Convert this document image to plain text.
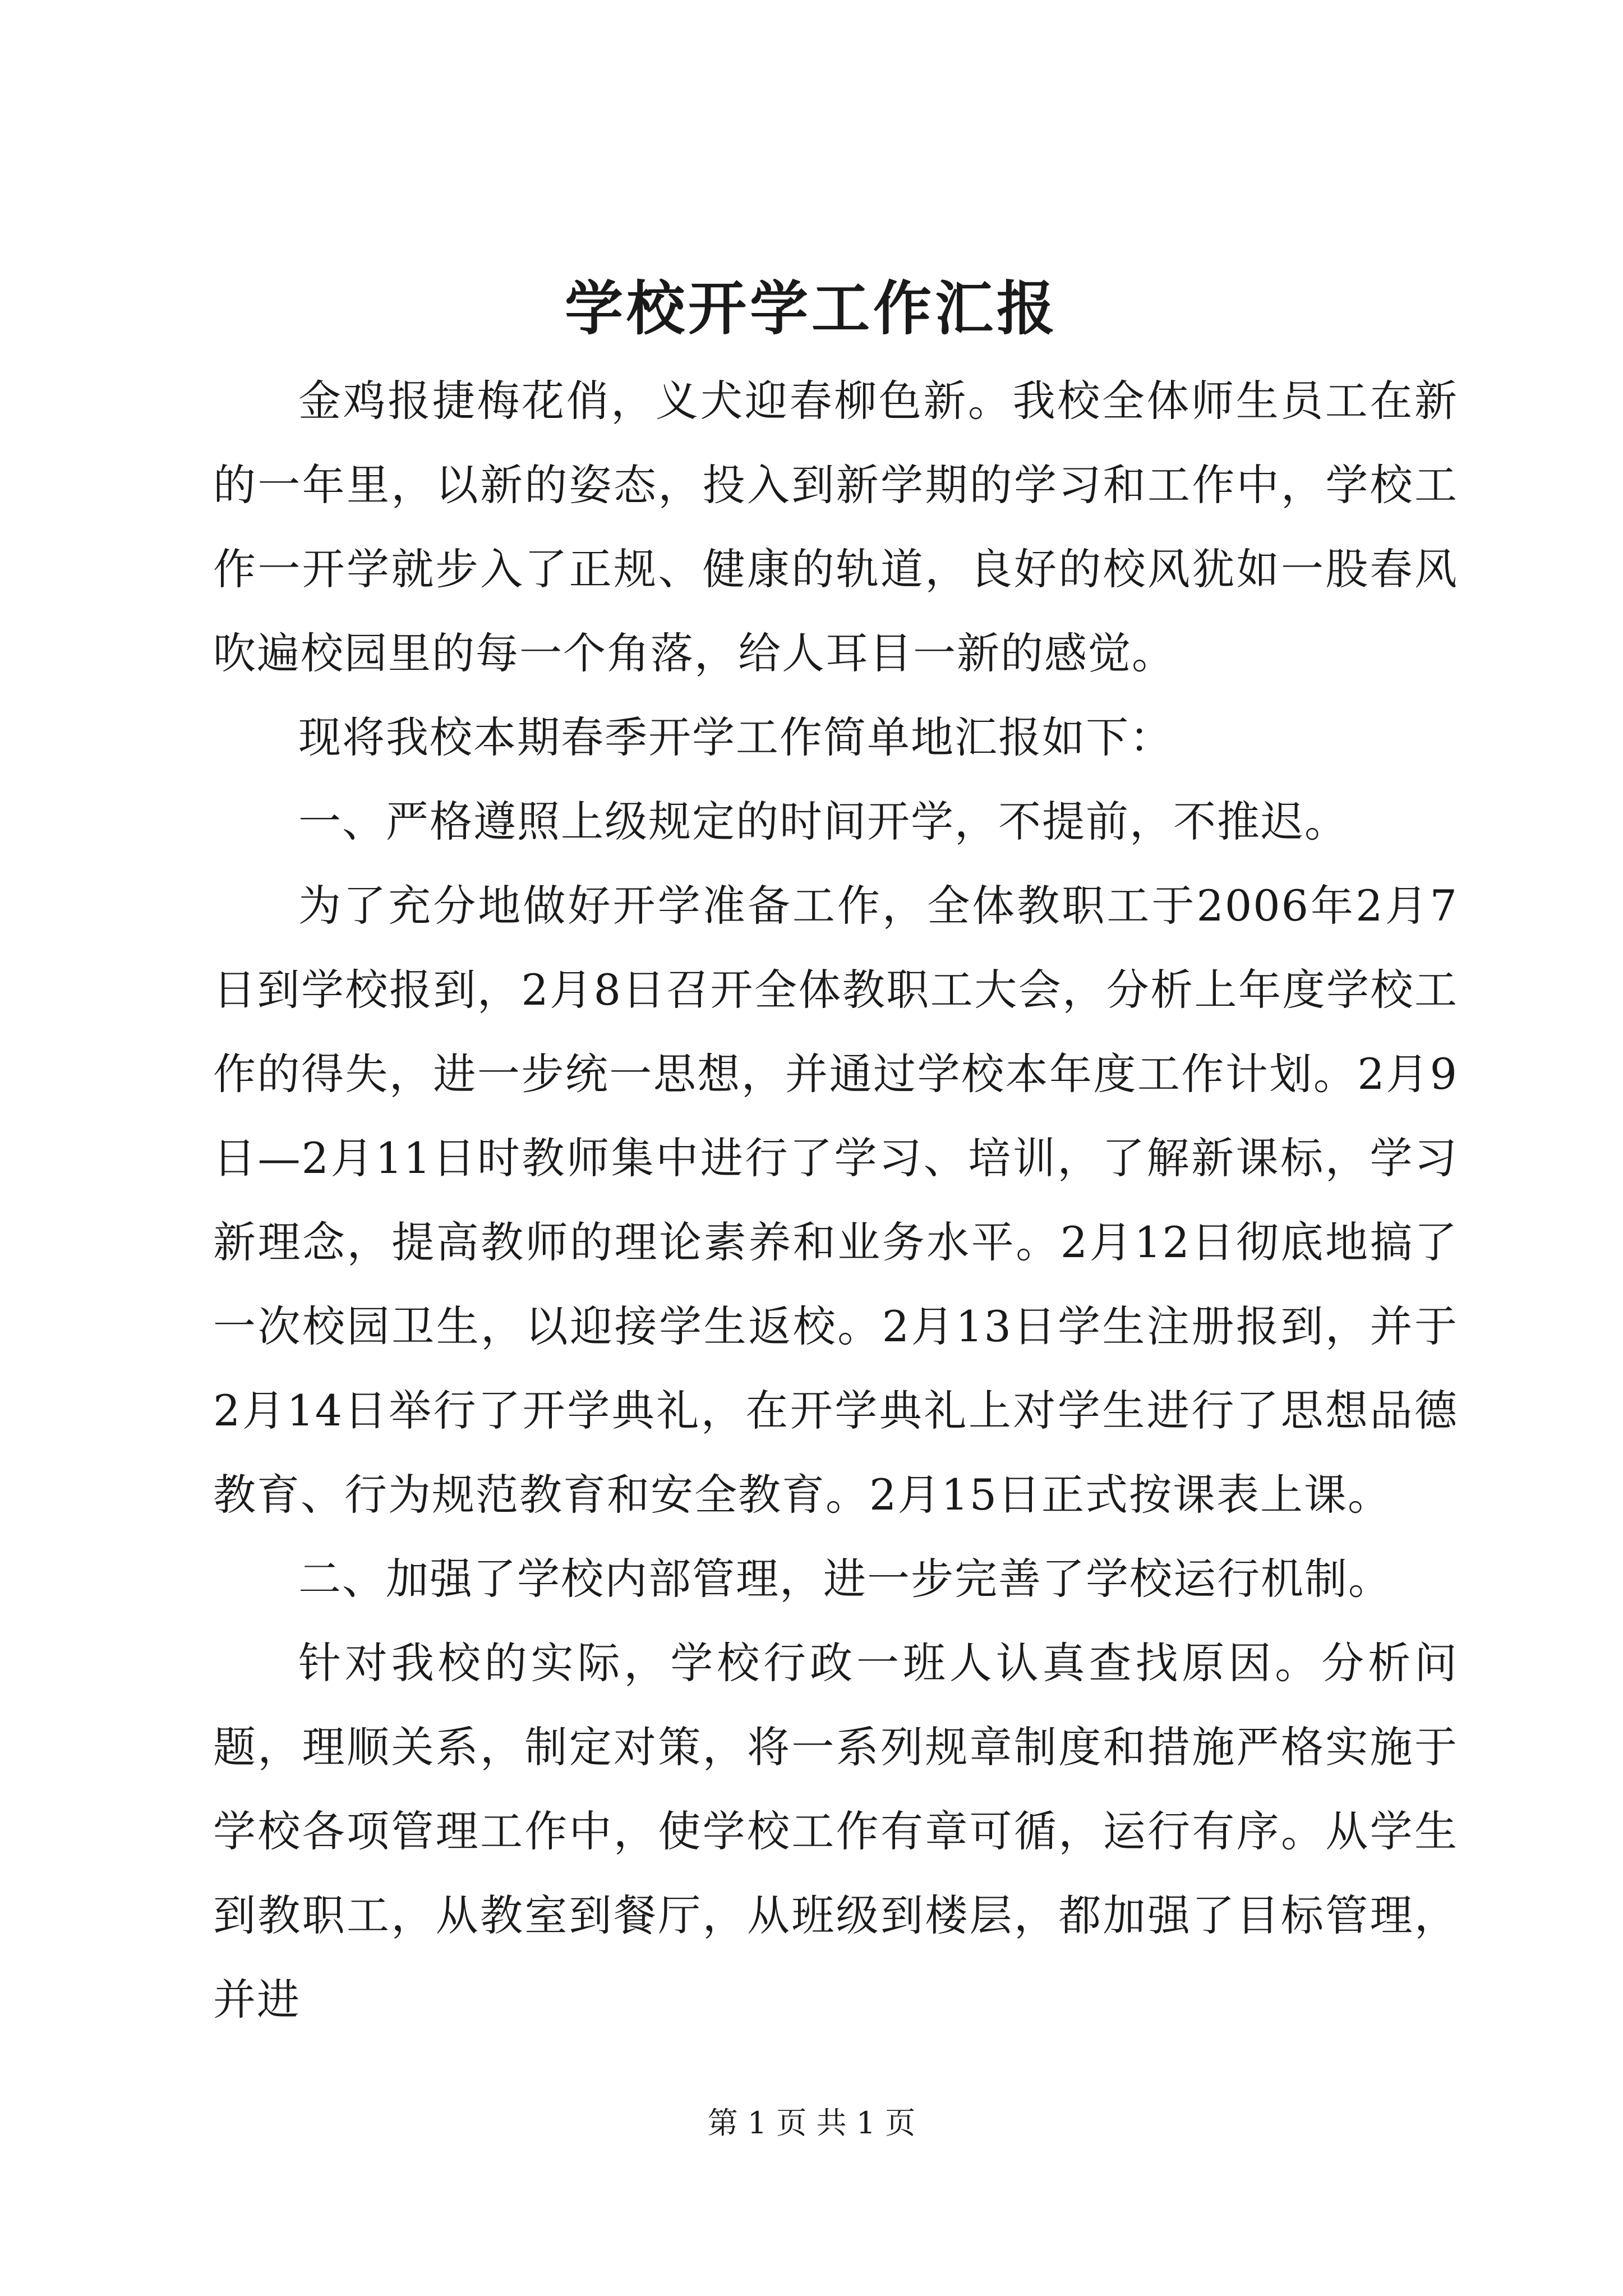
学校开学工作汇报

金鸡报捷梅花俏，义犬迎春柳色新。我校全体师生员工在新的一年里，以新的姿态，投入到新学期的学习和工作中，学校工作一开学就步入了正规、健康的轨道，良好的校风犹如一股春风吹遍校园里的每一个角落，给人耳目一新的感觉。

现将我校本期春季开学工作简单地汇报如下：

一、严格遵照上级规定的时间开学，不提前，不推迟。

为了充分地做好开学准备工作，全体教职工于2006年2月7日到学校报到，2月8日召开全体教职工大会，分析上年度学校工作的得失，进一步统一思想，并通过学校本年度工作计划。2月9日—2月11日时教师集中进行了学习、培训，了解新课标，学习新理念，提高教师的理论素养和业务水平。2月12日彻底地搞了一次校园卫生，以迎接学生返校。2月13日学生注册报到，并于2月14日举行了开学典礼，在开学典礼上对学生进行了思想品德教育、行为规范教育和安全教育。2月15日正式按课表上课。

二、加强了学校内部管理，进一步完善了学校运行机制。

针对我校的实际，学校行政一班人认真查找原因。分析问题，理顺关系，制定对策，将一系列规章制度和措施严格实施于学校各项管理工作中，使学校工作有章可循，运行有序。从学生到教职工，从教室到餐厅，从班级到楼层，都加强了目标管理，并进

第 1 页 共 1 页
